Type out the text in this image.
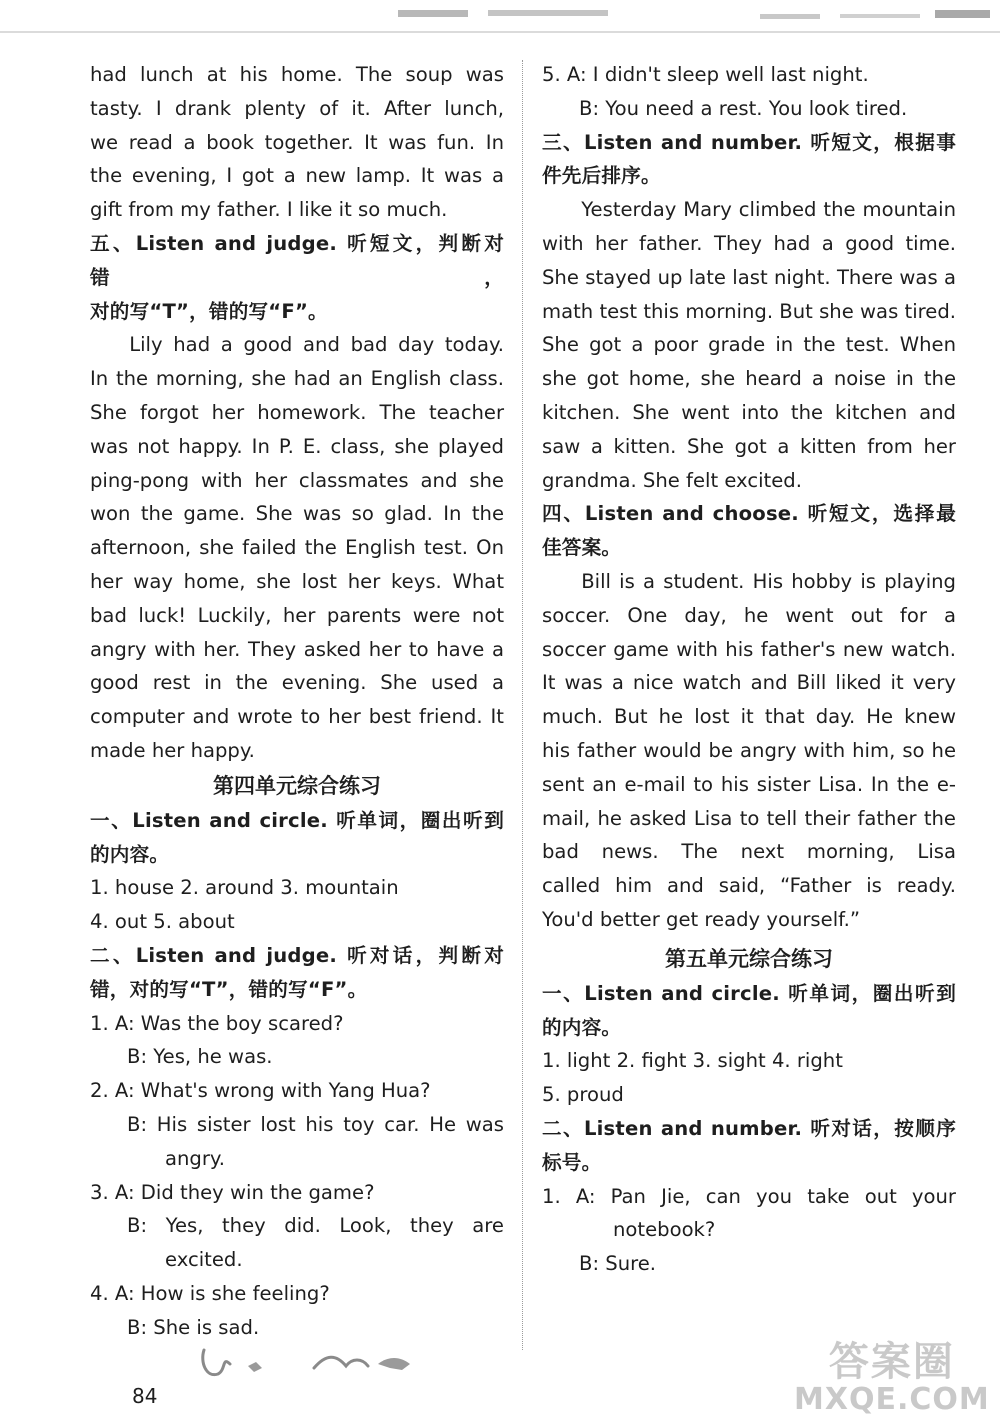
had lunch at his home. The soup was
tasty. I drank plenty of it. After lunch,
we read a book together. It was fun. In
the evening, I got a new lamp. It was a
gift from my father. I like it so much.
五、Listen and judge. 听短文，判断对错，
对的写“T”，错的写“F”。
Lily had a good and bad day today.
In the morning, she had an English class.
She forgot her homework. The teacher
was not happy. In P. E. class, she played
ping-pong with her classmates and she
won the game. She was so glad. In the
afternoon, she failed the English test. On
her way home, she lost her keys. What
bad luck! Luckily, her parents were not
angry with her. They asked her to have a
good rest in the evening. She used a
computer and wrote to her best friend. It
made her happy.
第四单元综合练习
一、Listen and circle. 听单词，圈出听到
的内容。
1. house 2. around 3. mountain
4. out 5. about
二、Listen and judge. 听对话，判断对
错，对的写“T”，错的写“F”。
1. A: Was the boy scared?
B: Yes, he was.
2. A: What's wrong with Yang Hua?
B: His sister lost his toy car. He was
angry.
3. A: Did they win the game?
B: Yes, they did. Look, they are
excited.
4. A: How is she feeling?
B: She is sad.
5. A: I didn't sleep well last night.
B: You need a rest. You look tired.
三、Listen and number. 听短文，根据事
件先后排序。
Yesterday Mary climbed the mountain
with her father. They had a good time.
She stayed up late last night. There was a
math test this morning. But she was tired.
She got a poor grade in the test. When
she got home, she heard a noise in the
kitchen. She went into the kitchen and
saw a kitten. She got a kitten from her
grandma. She felt excited.
四、Listen and choose. 听短文，选择最
佳答案。
Bill is a student. His hobby is playing
soccer. One day, he went out for a
soccer game with his father's new watch.
It was a nice watch and Bill liked it very
much. But he lost it that day. He knew
his father would be angry with him, so he
sent an e-mail to his sister Lisa. In the e-
mail, he asked Lisa to tell their father the
bad news. The next morning, Lisa
called him and said, “Father is ready.
You'd better get ready yourself.”
第五单元综合练习
一、Listen and circle. 听单词，圈出听到
的内容。
1. light 2. fight 3. sight 4. right
5. proud
二、Listen and number. 听对话，按顺序
标号。
1. A: Pan Jie, can you take out your
notebook?
B: Sure.
84
答案圈
MXQE.COM
